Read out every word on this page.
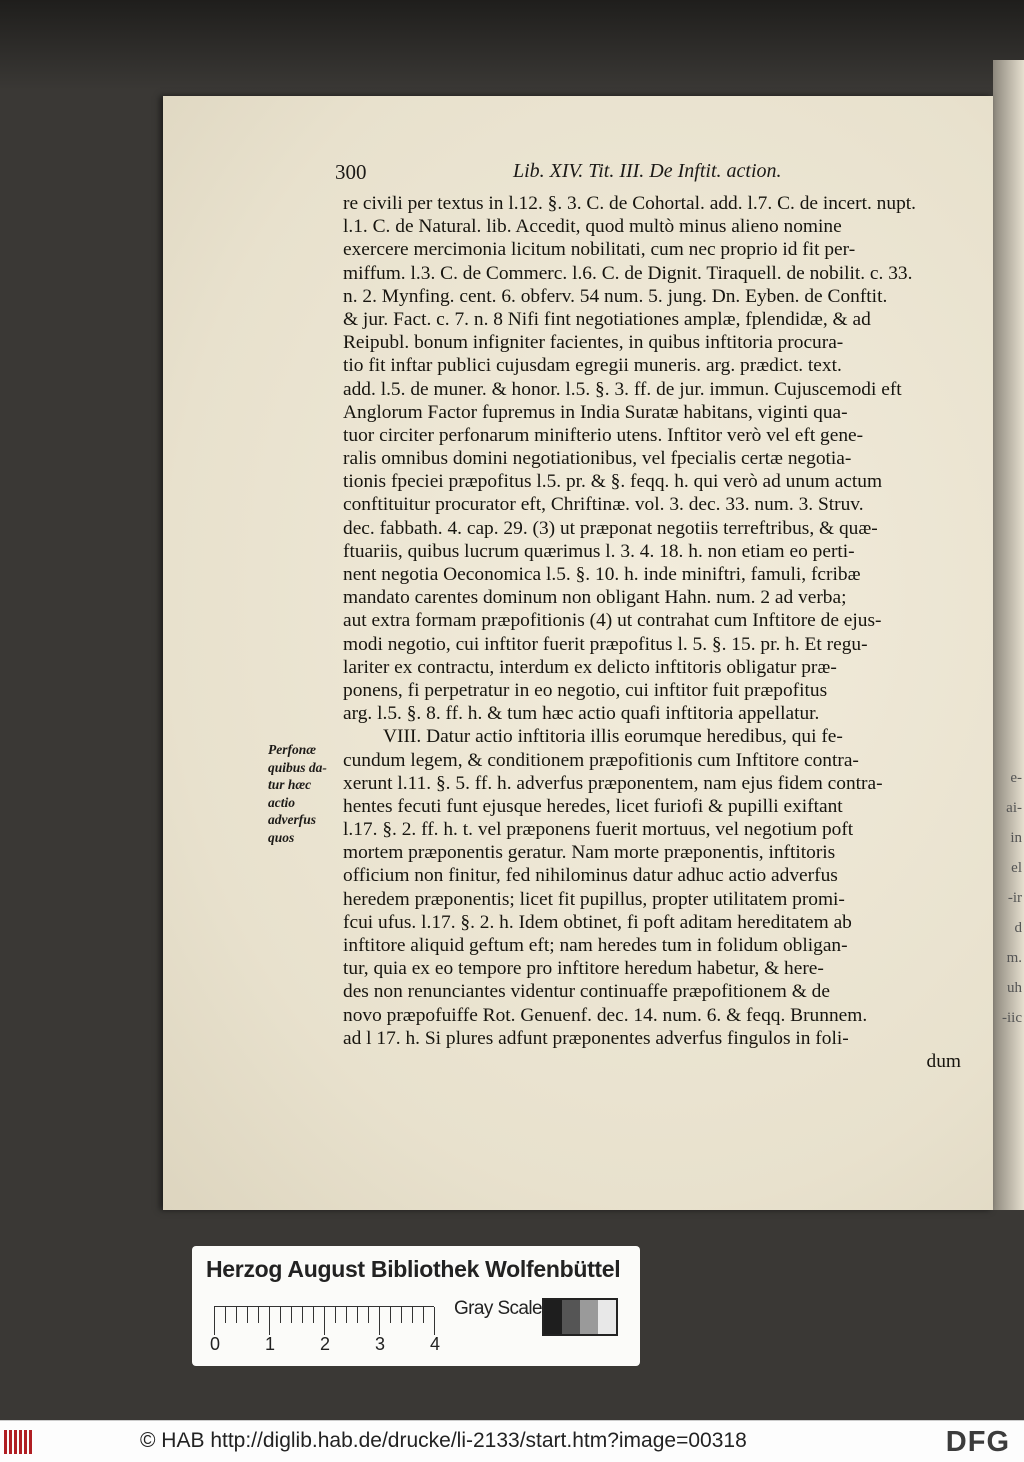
e-
ai-
in
el
-ir
d
m.
uh
-iic
300	Lib. XIV. Tit. III. De Inftit. action.
re civili per textus in l.12. §. 3. C. de Cohortal. add. l.7. C. de incert. nupt.
l.1. C. de Natural. lib. Accedit, quod multò minus alieno nomine
exercere mercimonia licitum nobilitati, cum nec proprio id fit per-
miffum. l.3. C. de Commerc. l.6. C. de Dignit. Tiraquell. de nobilit. c. 33.
n. 2. Mynfing. cent. 6. obferv. 54 num. 5. jung. Dn. Eyben. de Conftit.
& jur. Fact. c. 7. n. 8 Nifi fint negotiationes amplæ, fplendidæ, & ad
Reipubl. bonum infigniter facientes, in quibus inftitoria procura-
tio fit inftar publici cujusdam egregii muneris. arg. prædict. text.
add. l.5. de muner. & honor. l.5. §. 3. ff. de jur. immun. Cujuscemodi eft
Anglorum Factor fupremus in India Suratæ habitans, viginti qua-
tuor circiter perfonarum minifterio utens. Inftitor verò vel eft gene-
ralis omnibus domini negotiationibus, vel fpecialis certæ negotia-
tionis fpeciei præpofitus l.5. pr. & §. feqq. h. qui verò ad unum actum
conftituitur procurator eft, Chriftinæ. vol. 3. dec. 33. num. 3. Struv.
dec. fabbath. 4. cap. 29. (3) ut præponat negotiis terreftribus, & quæ-
ftuariis, quibus lucrum quærimus l. 3. 4. 18. h. non etiam eo perti-
nent negotia Oeconomica l.5. §. 10. h. inde miniftri, famuli, fcribæ
mandato carentes dominum non obligant Hahn. num. 2 ad verba;
aut extra formam præpofitionis (4) ut contrahat cum Inftitore de ejus-
modi negotio, cui inftitor fuerit præpofitus l. 5. §. 15. pr. h. Et regu-
lariter ex contractu, interdum ex delicto inftitoris obligatur præ-
ponens, fi perpetratur in eo negotio, cui inftitor fuit præpofitus
arg. l.5. §. 8. ff. h. & tum hæc actio quafi inftitoria appellatur.
VIII. Datur actio inftitoria illis eorumque heredibus, qui fe-
cundum legem, & conditionem præpofitionis cum Inftitore contra-
xerunt l.11. §. 5. ff. h. adverfus præponentem, nam ejus fidem contra-
hentes fecuti funt ejusque heredes, licet furiofi & pupilli exiftant
l.17. §. 2. ff. h. t. vel præponens fuerit mortuus, vel negotium poft
mortem præponentis geratur. Nam morte præponentis, inftitoris
officium non finitur, fed nihilominus datur adhuc actio adverfus
heredem præponentis; licet fit pupillus, propter utilitatem promi-
fcui ufus. l.17. §. 2. h. Idem obtinet, fi poft aditam hereditatem ab
inftitore aliquid geftum eft; nam heredes tum in folidum obligan-
tur, quia ex eo tempore pro inftitore heredum habetur, & here-
des non renunciantes videntur continuaffe præpofitionem & de
novo præpofuiffe Rot. Genuenf. dec. 14. num. 6. & feqq. Brunnem.
ad l 17. h. Si plures adfunt præponentes adverfus fingulos in foli-
dum
Perfonæ
quibus da-
tur hæc
actio
adverfus
quos
Herzog August Bibliothek Wolfenbüttel
0 1 2 3 4
Gray Scale
© HAB http://diglib.hab.de/drucke/li-2133/start.htm?image=00318	DFG
